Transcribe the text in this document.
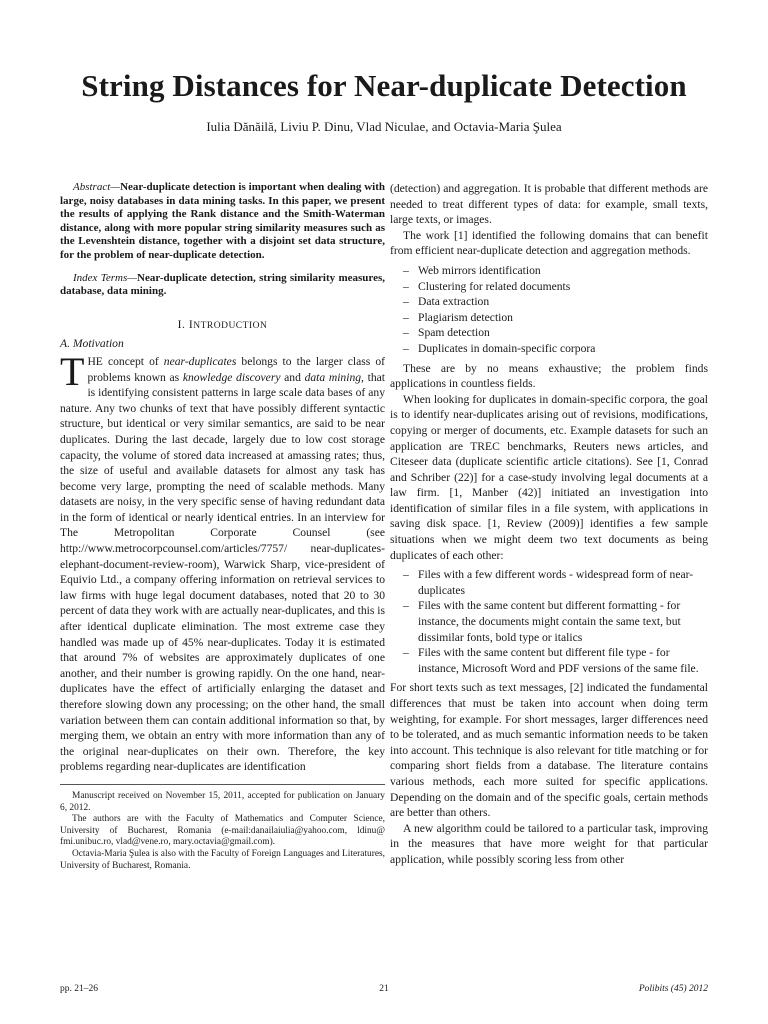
String Distances for Near-duplicate Detection

Iulia Dănăilă, Liviu P. Dinu, Vlad Niculae, and Octavia-Maria Şulea

Abstract—Near-duplicate detection is important when dealing with large, noisy databases in data mining tasks. In this paper, we present the results of applying the Rank distance and the Smith-Waterman distance, along with more popular string similarity measures such as the Levenshtein distance, together with a disjoint set data structure, for the problem of near-duplicate detection.

Index Terms—Near-duplicate detection, string similarity measures, database, data mining.

I. INTRODUCTION
A. Motivation

THE concept of near-duplicates belongs to the larger class of problems known as knowledge discovery and data mining, that is identifying consistent patterns in large scale data bases of any nature. Any two chunks of text that have possibly different syntactic structure, but identical or very similar semantics, are said to be near duplicates. During the last decade, largely due to low cost storage capacity, the volume of stored data increased at amassing rates; thus, the size of useful and available datasets for almost any task has become very large, prompting the need of scalable methods. Many datasets are noisy, in the very specific sense of having redundant data in the form of identical or nearly identical entries. In an interview for The Metropolitan Corporate Counsel (see http://www.metrocorpcounsel.com/articles/7757/ near-duplicates-elephant-document-review-room), Warwick Sharp, vice-president of Equivio Ltd., a company offering information on retrieval services to law firms with huge legal document databases, noted that 20 to 30 percent of data they work with are actually near-duplicates, and this is after identical duplicate elimination. The most extreme case they handled was made up of 45% near-duplicates. Today it is estimated that around 7% of websites are approximately duplicates of one another, and their number is growing rapidly. On the one hand, near-duplicates have the effect of artificially enlarging the dataset and therefore slowing down any processing; on the other hand, the small variation between them can contain additional information so that, by merging them, we obtain an entry with more information than any of the original near-duplicates on their own. Therefore, the key problems regarding near-duplicates are identification

Manuscript received on November 15, 2011, accepted for publication on January 6, 2012.

The authors are with the Faculty of Mathematics and Computer Science, University of Bucharest, Romania (e-mail:danailaiulia@yahoo.com, ldinu@ fmi.unibuc.ro, vlad@vene.ro, mary.octavia@gmail.com).

Octavia-Maria Şulea is also with the Faculty of Foreign Languages and Literatures, University of Bucharest, Romania.

(detection) and aggregation. It is probable that different methods are needed to treat different types of data: for example, small texts, large texts, or images.

The work [1] identified the following domains that can benefit from efficient near-duplicate detection and aggregation methods.

– Web mirrors identification
– Clustering for related documents
– Data extraction
– Plagiarism detection
– Spam detection
– Duplicates in domain-specific corpora

These are by no means exhaustive; the problem finds applications in countless fields.

When looking for duplicates in domain-specific corpora, the goal is to identify near-duplicates arising out of revisions, modifications, copying or merger of documents, etc. Example datasets for such an application are TREC benchmarks, Reuters news articles, and Citeseer data (duplicate scientific article citations). See [1, Conrad and Schriber (22)] for a case-study involving legal documents at a law firm. [1, Manber (42)] initiated an investigation into identification of similar files in a file system, with applications in saving disk space. [1, Review (2009)] identifies a few sample situations when we might deem two text documents as being duplicates of each other:

– Files with a few different words - widespread form of near-duplicates
– Files with the same content but different formatting - for instance, the documents might contain the same text, but dissimilar fonts, bold type or italics
– Files with the same content but different file type - for instance, Microsoft Word and PDF versions of the same file.

For short texts such as text messages, [2] indicated the fundamental differences that must be taken into account when doing term weighting, for example. For short messages, larger differences need to be tolerated, and as much semantic information needs to be taken into account. This technique is also relevant for title matching or for comparing short fields from a database. The literature contains various methods, each more suited for specific applications. Depending on the domain and of the specific goals, certain methods are better than others.

A new algorithm could be tailored to a particular task, improving in the measures that have more weight for that particular application, while possibly scoring less from other

pp. 21–26	21	Polibits (45) 2012
